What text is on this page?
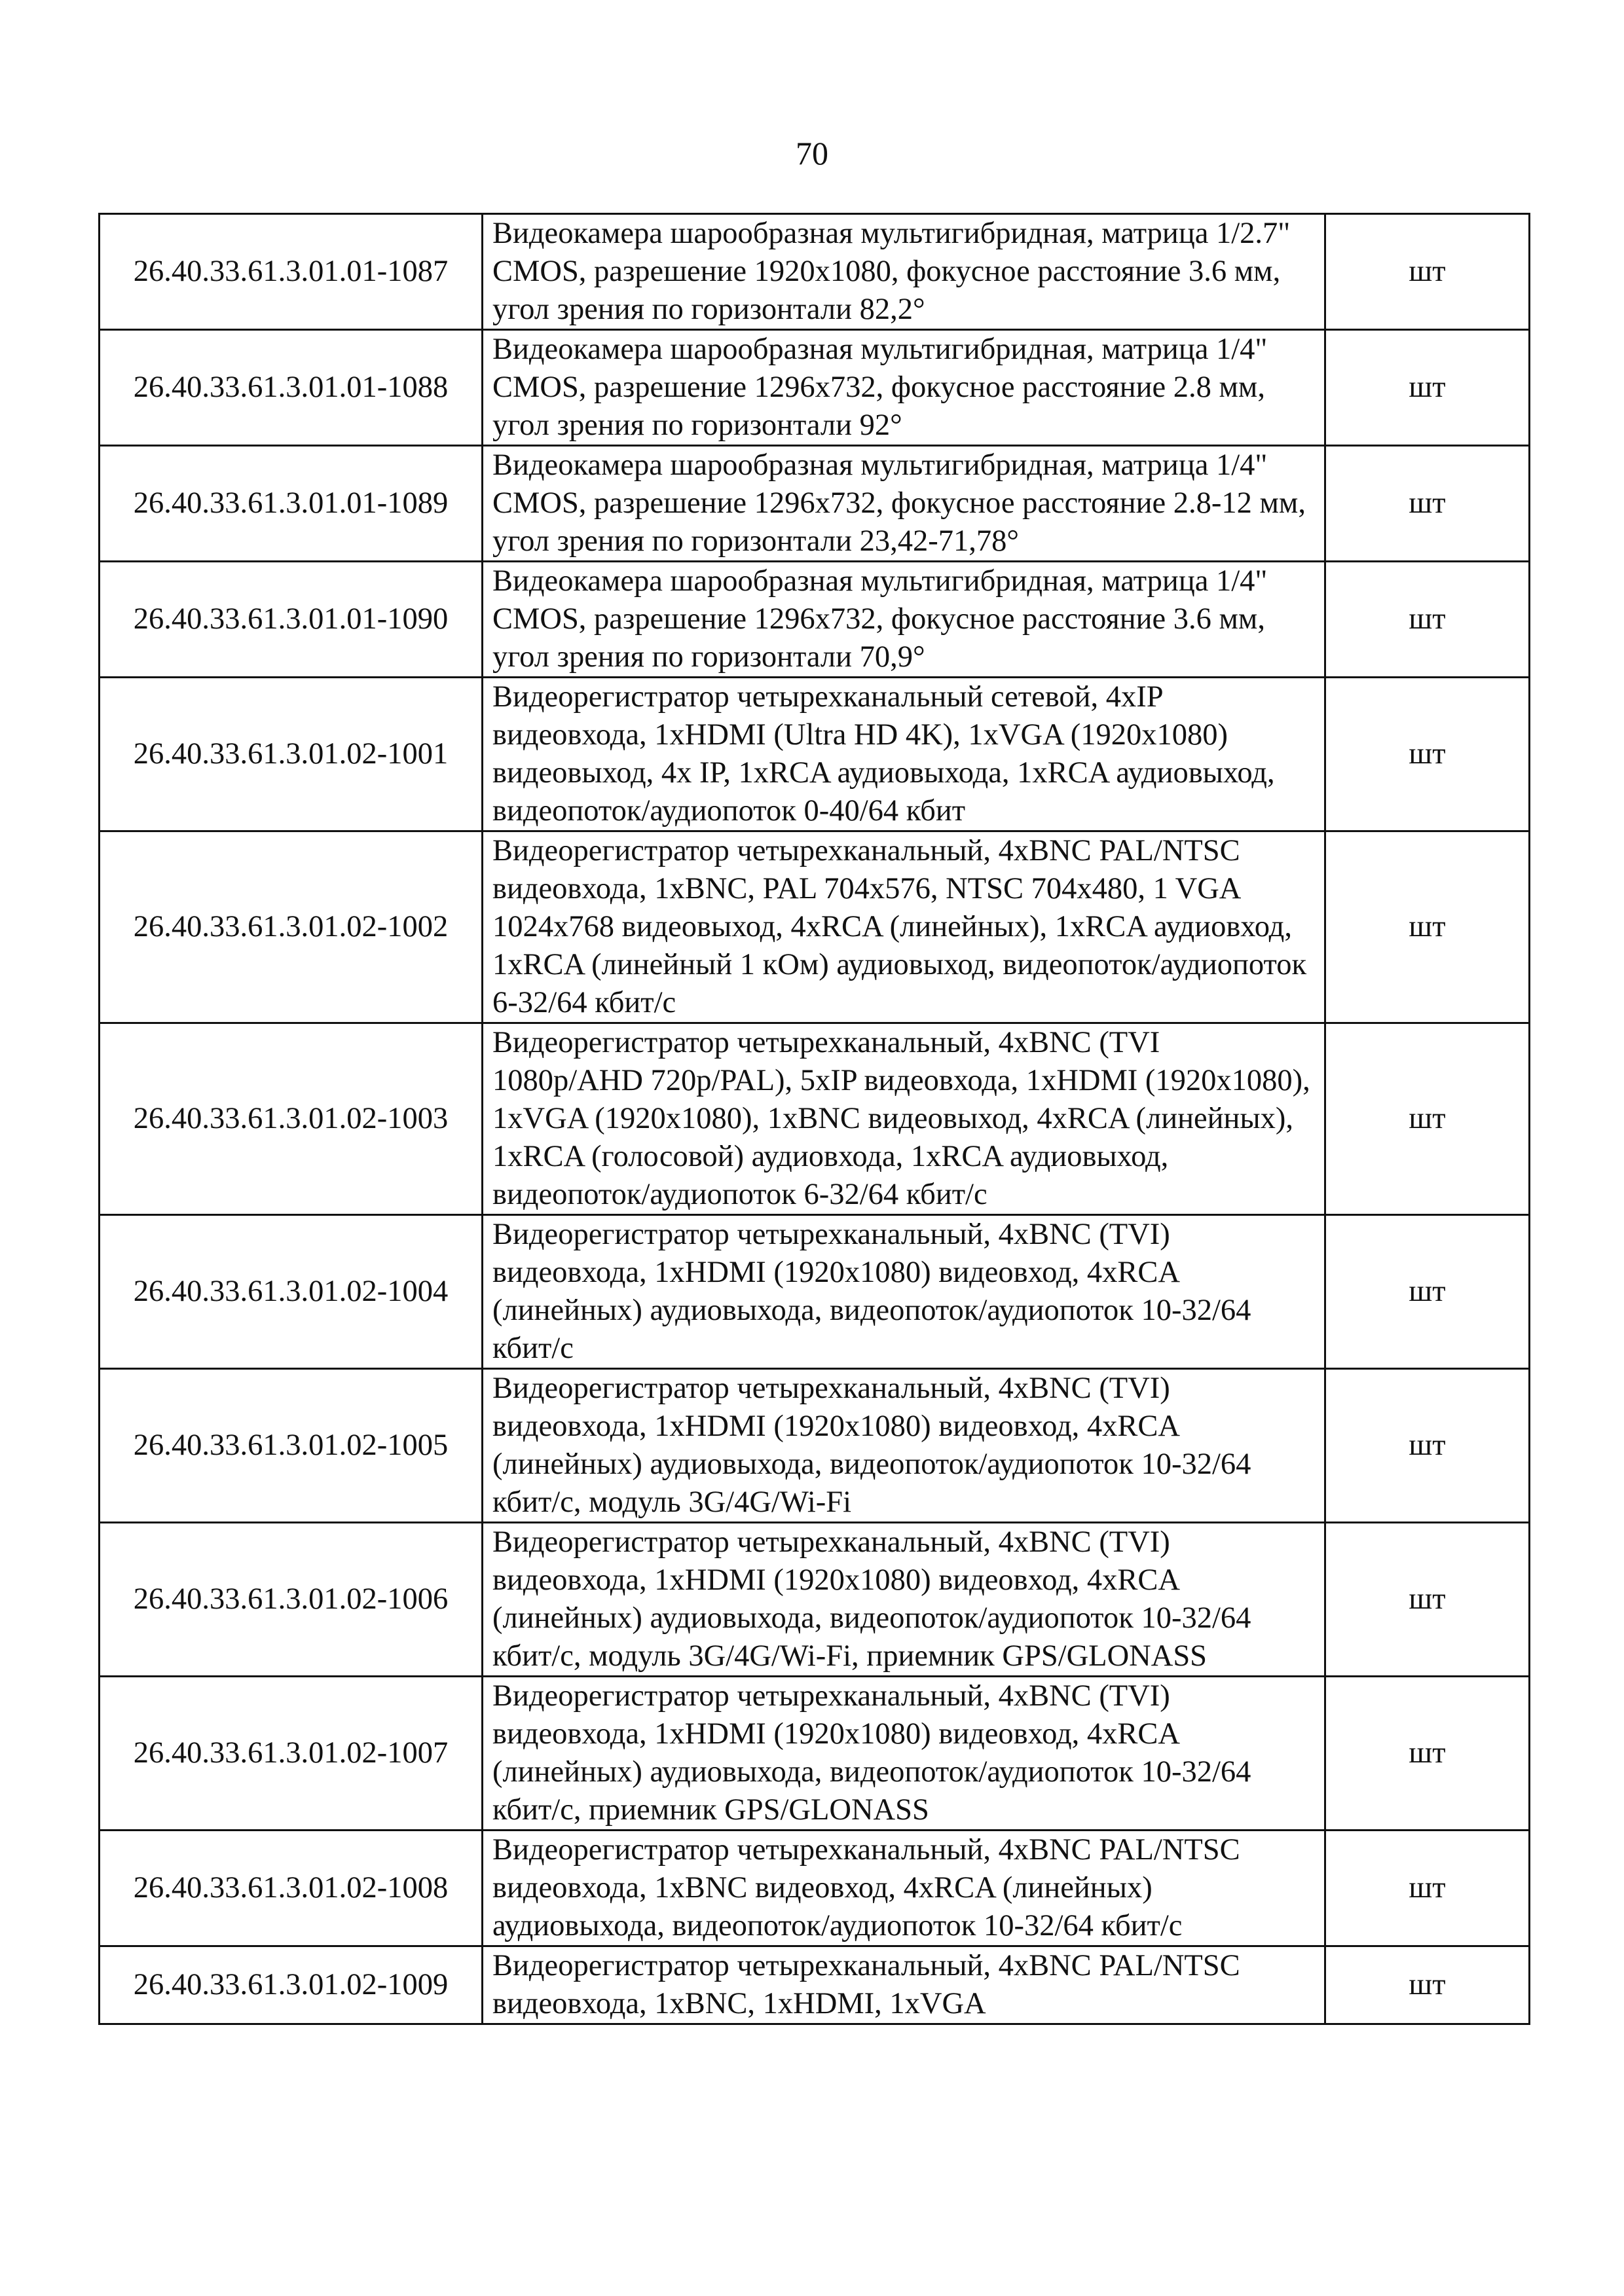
70
26.40.33.61.3.01.01-1087	Видеокамера шарообразная мультигибридная, матрица 1/2.7" CMOS, разрешение 1920x1080, фокусное расстояние 3.6 мм, угол зрения по горизонтали 82,2°	шт
26.40.33.61.3.01.01-1088	Видеокамера шарообразная мультигибридная, матрица 1/4" CMOS, разрешение 1296x732, фокусное расстояние 2.8 мм, угол зрения по горизонтали 92°	шт
26.40.33.61.3.01.01-1089	Видеокамера шарообразная мультигибридная, матрица 1/4" CMOS, разрешение 1296x732, фокусное расстояние 2.8-12 мм, угол зрения по горизонтали 23,42-71,78°	шт
26.40.33.61.3.01.01-1090	Видеокамера шарообразная мультигибридная, матрица 1/4" CMOS, разрешение 1296x732, фокусное расстояние 3.6 мм, угол зрения по горизонтали 70,9°	шт
26.40.33.61.3.01.02-1001	Видеорегистратор четырехканальный сетевой, 4xIP видеовхода, 1xHDMI (Ultra HD 4K), 1xVGA (1920x1080) видеовыход, 4x IP, 1xRCA аудиовыхода, 1xRCA аудиовыход, видеопоток/аудиопоток 0-40/64 кбит	шт
26.40.33.61.3.01.02-1002	Видеорегистратор четырехканальный, 4xBNC PAL/NTSC видеовхода, 1xBNC, PAL 704x576, NTSC 704x480, 1 VGA 1024x768 видеовыход, 4xRCA (линейных), 1xRCA аудиовход, 1xRCA (линейный 1 кОм) аудиовыход, видеопоток/аудиопоток 6-32/64 кбит/с	шт
26.40.33.61.3.01.02-1003	Видеорегистратор четырехканальный, 4xBNC (TVI 1080p/AHD 720p/PAL), 5xIP видеовхода, 1xHDMI (1920x1080), 1xVGA (1920x1080), 1xBNC видеовыход, 4xRCA (линейных), 1xRCA (голосовой) аудиовхода, 1xRCA аудиовыход, видеопоток/аудиопоток 6-32/64 кбит/с	шт
26.40.33.61.3.01.02-1004	Видеорегистратор четырехканальный, 4xBNC (TVI) видеовхода, 1xHDMI (1920x1080) видеовход, 4xRCA (линейных) аудиовыхода, видеопоток/аудиопоток 10-32/64 кбит/с	шт
26.40.33.61.3.01.02-1005	Видеорегистратор четырехканальный, 4xBNC (TVI) видеовхода, 1xHDMI (1920x1080) видеовход, 4xRCA (линейных) аудиовыхода, видеопоток/аудиопоток 10-32/64 кбит/с, модуль 3G/4G/Wi-Fi	шт
26.40.33.61.3.01.02-1006	Видеорегистратор четырехканальный, 4xBNC (TVI) видеовхода, 1xHDMI (1920x1080) видеовход, 4xRCA (линейных) аудиовыхода, видеопоток/аудиопоток 10-32/64 кбит/с, модуль 3G/4G/Wi-Fi, приемник GPS/GLONASS	шт
26.40.33.61.3.01.02-1007	Видеорегистратор четырехканальный, 4xBNC (TVI) видеовхода, 1xHDMI (1920x1080) видеовход, 4xRCA (линейных) аудиовыхода, видеопоток/аудиопоток 10-32/64 кбит/с, приемник GPS/GLONASS	шт
26.40.33.61.3.01.02-1008	Видеорегистратор четырехканальный, 4xBNC PAL/NTSC видеовхода, 1xBNC видеовход, 4xRCA (линейных) аудиовыхода, видеопоток/аудиопоток 10-32/64 кбит/с	шт
26.40.33.61.3.01.02-1009	Видеорегистратор четырехканальный, 4xBNC PAL/NTSC видеовхода, 1xBNC, 1xHDMI, 1xVGA	шт
